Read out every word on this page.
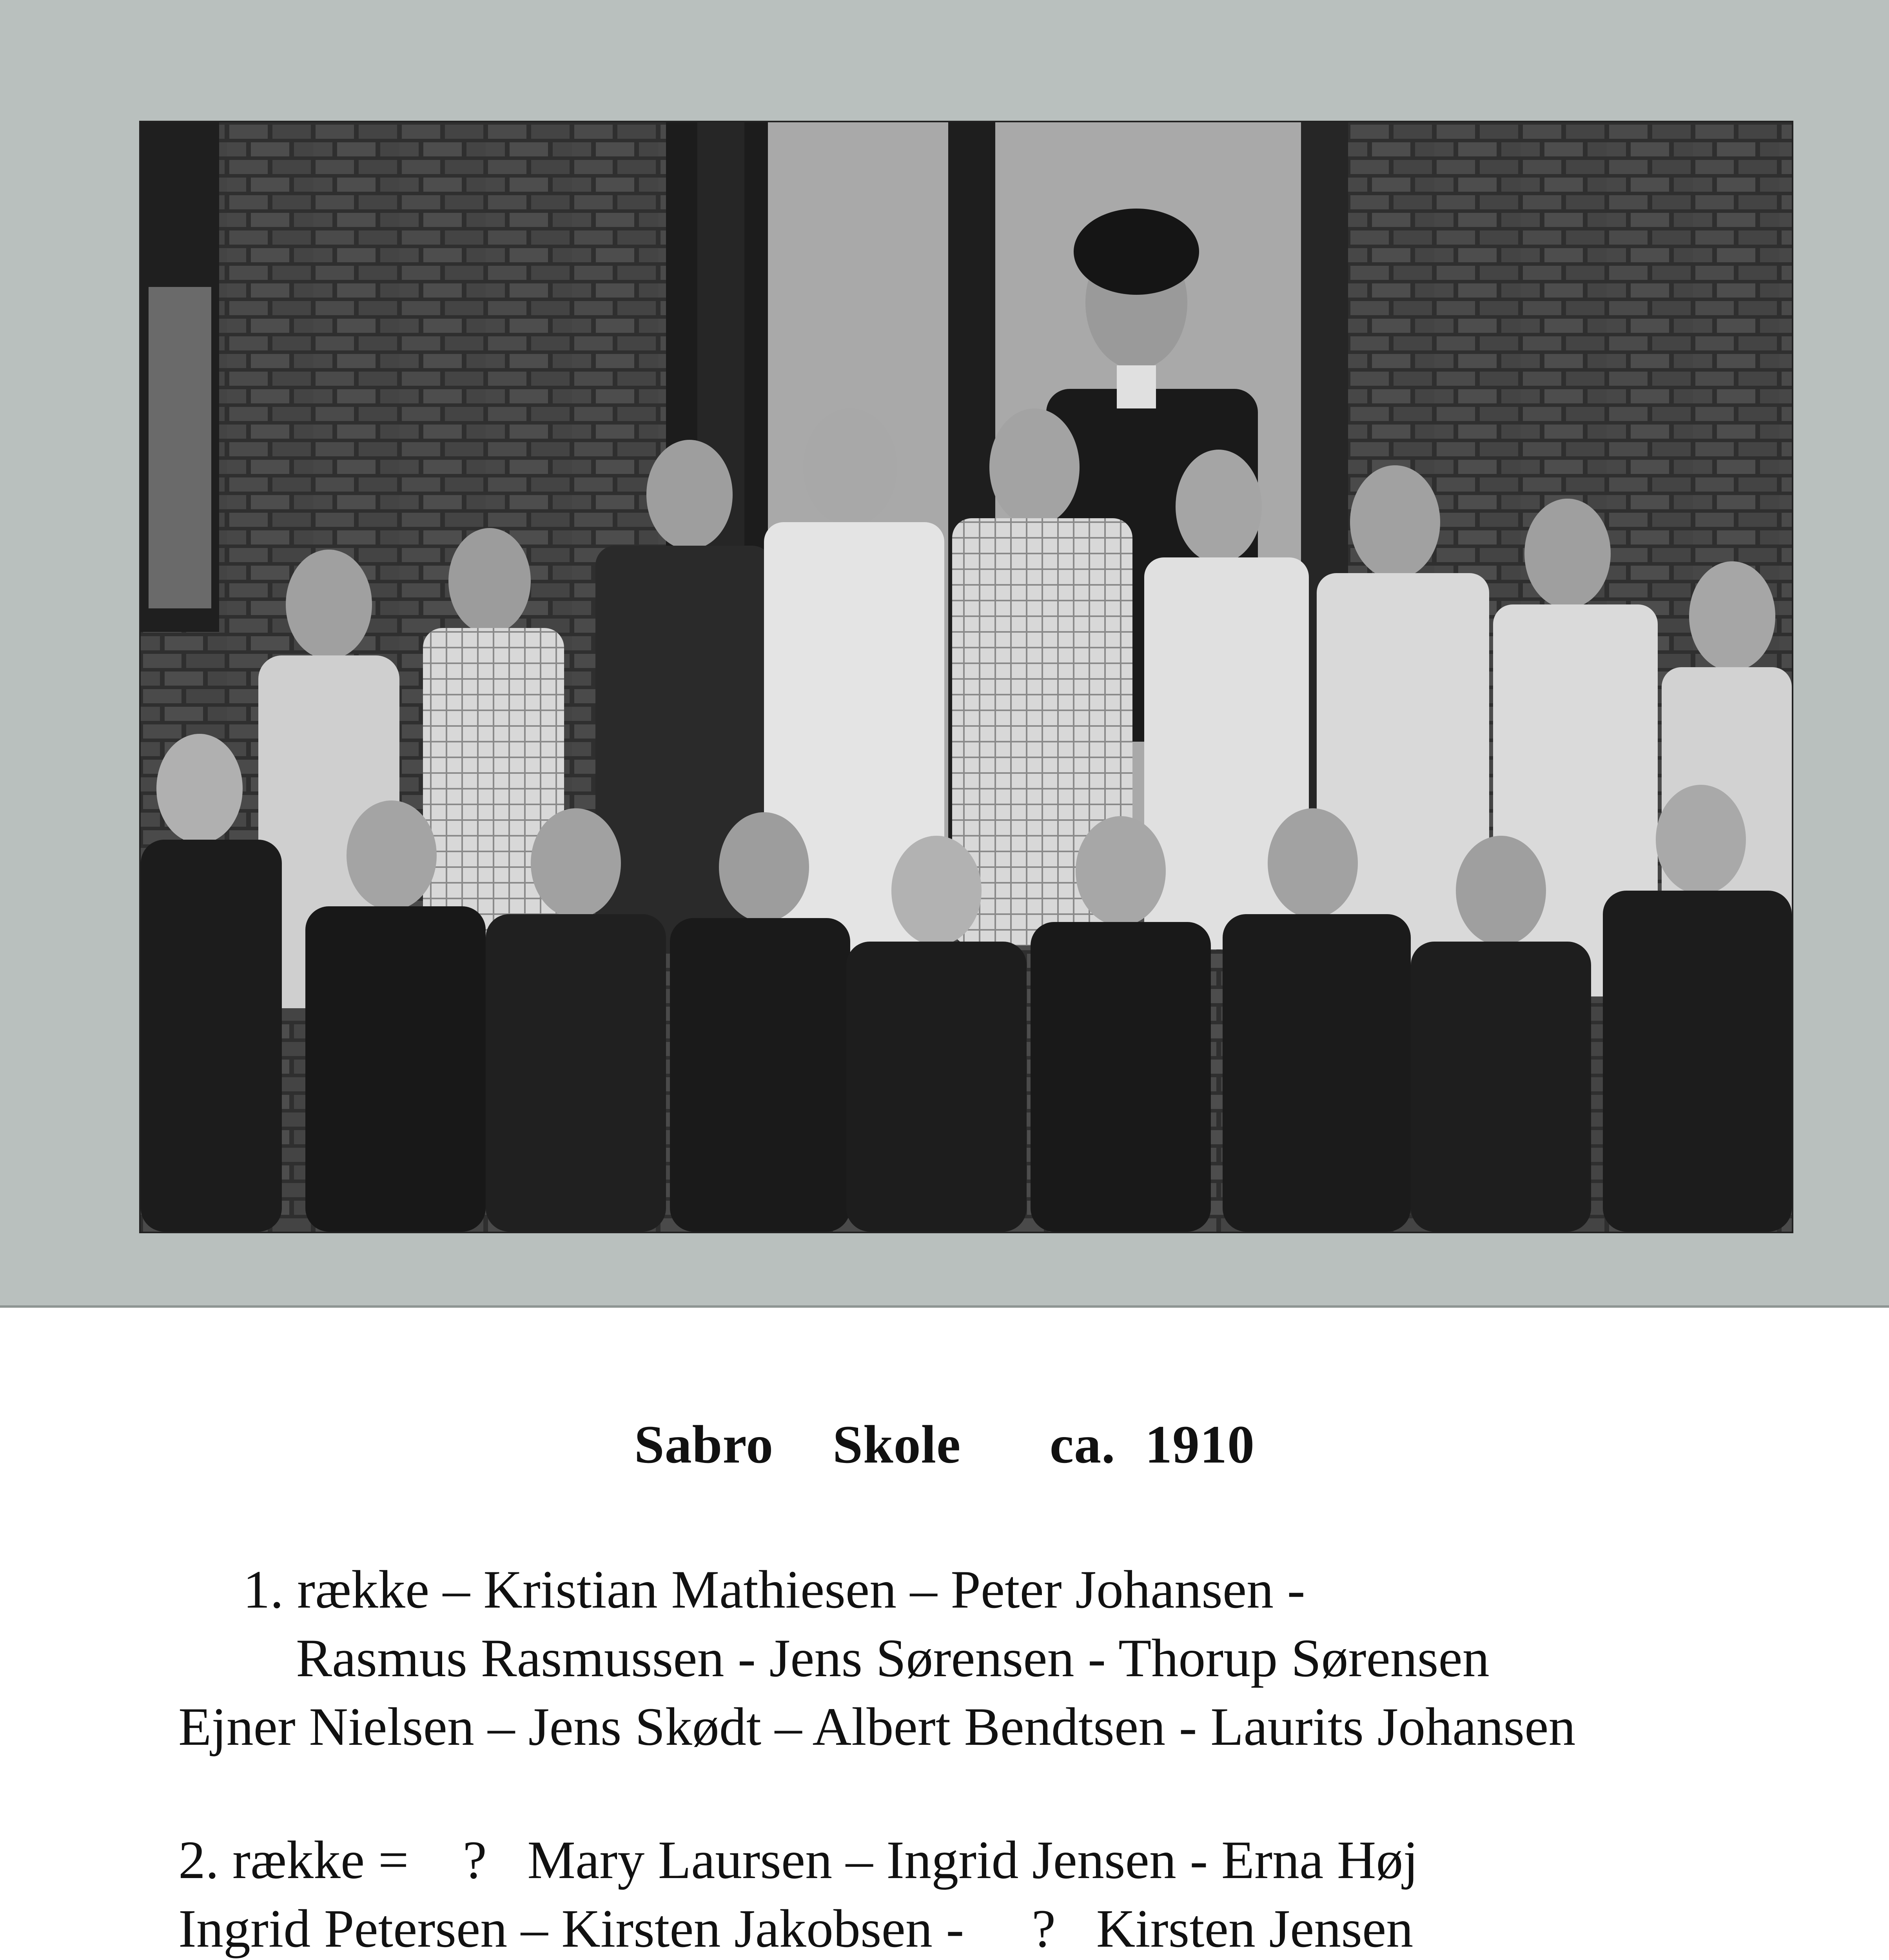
Sabro  Skole   ca. 1910
1. række – Kristian Mathiesen – Peter Johansen -
Rasmus Rasmussen - Jens Sørensen - Thorup Sørensen
Ejner Nielsen – Jens Skødt – Albert Bendtsen - Laurits Johansen
2. række =    ?   Mary Laursen – Ingrid Jensen - Erna Høj
Ingrid Petersen – Kirsten Jakobsen -     ?   Kirsten Jensen
